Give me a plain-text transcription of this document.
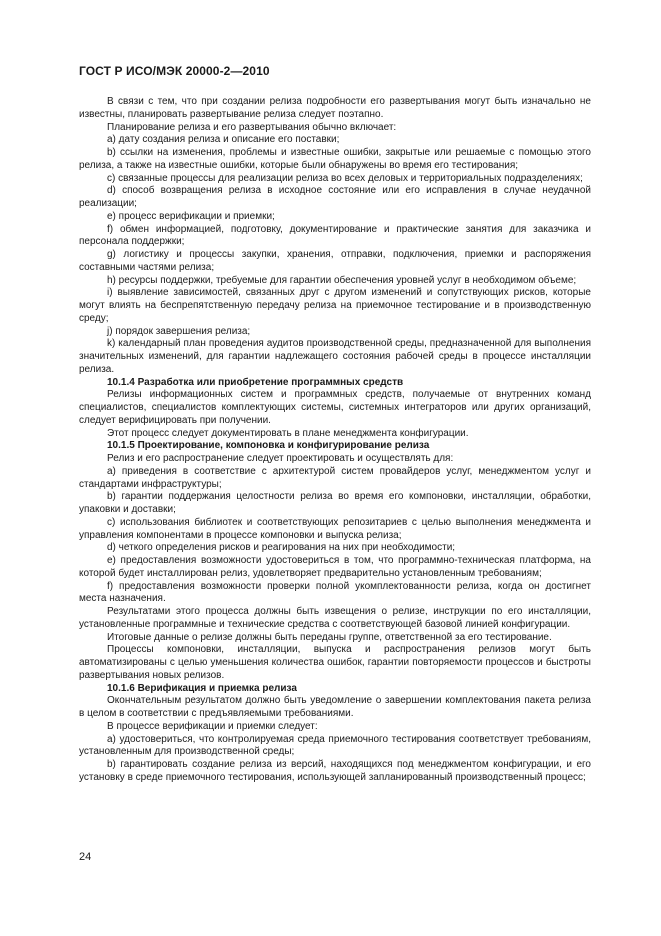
ГОСТ Р ИСО/МЭК 20000-2—2010

В связи с тем, что при создании релиза подробности его развертывания могут быть изначально не известны, планировать развертывание релиза следует поэтапно.

Планирование релиза и его развертывания обычно включает:

a) дату создания релиза и описание его поставки;

b) ссылки на изменения, проблемы и известные ошибки, закрытые или решаемые с помощью этого релиза, а также на известные ошибки, которые были обнаружены во время его тестирования;

c) связанные процессы для реализации релиза во всех деловых и территориальных подразделениях;

d) способ возвращения релиза в исходное состояние или его исправления в случае неудачной реализации;

e) процесс верификации и приемки;

f) обмен информацией, подготовку, документирование и практические занятия для заказчика и персонала поддержки;

g) логистику и процессы закупки, хранения, отправки, подключения, приемки и распоряжения составными частями релиза;

h) ресурсы поддержки, требуемые для гарантии обеспечения уровней услуг в необходимом объеме;

i) выявление зависимостей, связанных друг с другом изменений и сопутствующих рисков, которые могут влиять на беспрепятственную передачу релиза на приемочное тестирование и в производственную среду;

j) порядок завершения релиза;

k) календарный план проведения аудитов производственной среды, предназначенной для выполнения значительных изменений, для гарантии надлежащего состояния рабочей среды в процессе инсталляции релиза.

10.1.4 Разработка или приобретение программных средств

Релизы информационных систем и программных средств, получаемые от внутренних команд специалистов, специалистов комплектующих системы, системных интеграторов или других организаций, следует верифицировать при получении.

Этот процесс следует документировать в плане менеджмента конфигурации.

10.1.5 Проектирование, компоновка и конфигурирование релиза

Релиз и его распространение следует проектировать и осуществлять для:

a) приведения в соответствие с архитектурой систем провайдеров услуг, менеджментом услуг и стандартами инфраструктуры;

b) гарантии поддержания целостности релиза во время его компоновки, инсталляции, обработки, упаковки и доставки;

c) использования библиотек и соответствующих репозитариев с целью выполнения менеджмента и управления компонентами в процессе компоновки и выпуска релиза;

d) четкого определения рисков и реагирования на них при необходимости;

e) предоставления возможности удостовериться в том, что программно-техническая платформа, на которой будет инсталлирован релиз, удовлетворяет предварительно установленным требованиям;

f) предоставления возможности проверки полной укомплектованности релиза, когда он достигнет места назначения.

Результатами этого процесса должны быть извещения о релизе, инструкции по его инсталляции, установленные программные и технические средства с соответствующей базовой линией конфигурации.

Итоговые данные о релизе должны быть переданы группе, ответственной за его тестирование.

Процессы компоновки, инсталляции, выпуска и распространения релизов могут быть автоматизированы с целью уменьшения количества ошибок, гарантии повторяемости процессов и быстроты развертывания новых релизов.

10.1.6 Верификация и приемка релиза

Окончательным результатом должно быть уведомление о завершении комплектования пакета релиза в целом в соответствии с предъявляемыми требованиями.

В процессе верификации и приемки следует:

a) удостовериться, что контролируемая среда приемочного тестирования соответствует требованиям, установленным для производственной среды;

b) гарантировать создание релиза из версий, находящихся под менеджментом конфигурации, и его установку в среде приемочного тестирования, использующей запланированный производственный процесс;

24
